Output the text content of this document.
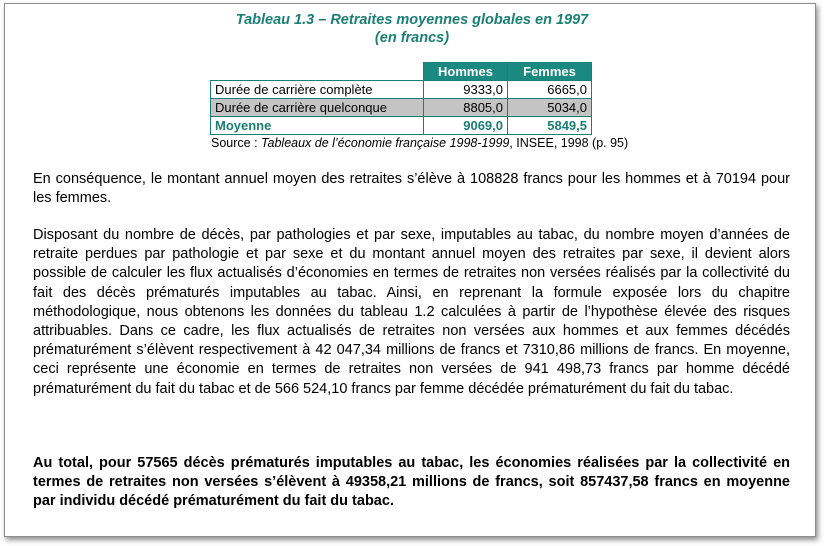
Tableau 1.3 – Retraites moyennes globales en 1997
(en francs)
	Hommes	Femmes
Durée de carrière complète	9333,0	6665,0
Durée de carrière quelconque	8805,0	5034,0
Moyenne	9069,0	5849,5
Source : Tableaux de l’économie française 1998-1999, INSEE, 1998 (p. 95)

En conséquence, le montant annuel moyen des retraites s’élève à 108828 francs pour les hommes et à 70194 pour les femmes.

Disposant du nombre de décès, par pathologies et par sexe, imputables au tabac, du nombre moyen d’années de retraite perdues par pathologie et par sexe et du montant annuel moyen des retraites par sexe, il devient alors possible de calculer les flux actualisés d’économies en termes de retraites non versées réalisés par la collectivité du fait des décès prématurés imputables au tabac. Ainsi, en reprenant la formule exposée lors du chapitre méthodologique, nous obtenons les données du tableau 1.2 calculées à partir de l’hypothèse élevée des risques attribuables. Dans ce cadre, les flux actualisés de retraites non versées aux hommes et aux femmes décédés prématurément s’élèvent respectivement à 42 047,34 millions de francs et 7310,86 millions de francs. En moyenne, ceci représente une économie en termes de retraites non versées de 941 498,73 francs par homme décédé prématurément du fait du tabac et de 566 524,10 francs par femme décédée prématurément du fait du tabac.

Au total, pour 57565 décès prématurés imputables au tabac, les économies réalisées par la collectivité en termes de retraites non versées s’élèvent à 49358,21 millions de francs, soit 857437,58 francs en moyenne par individu décédé prématurément du fait du tabac.
